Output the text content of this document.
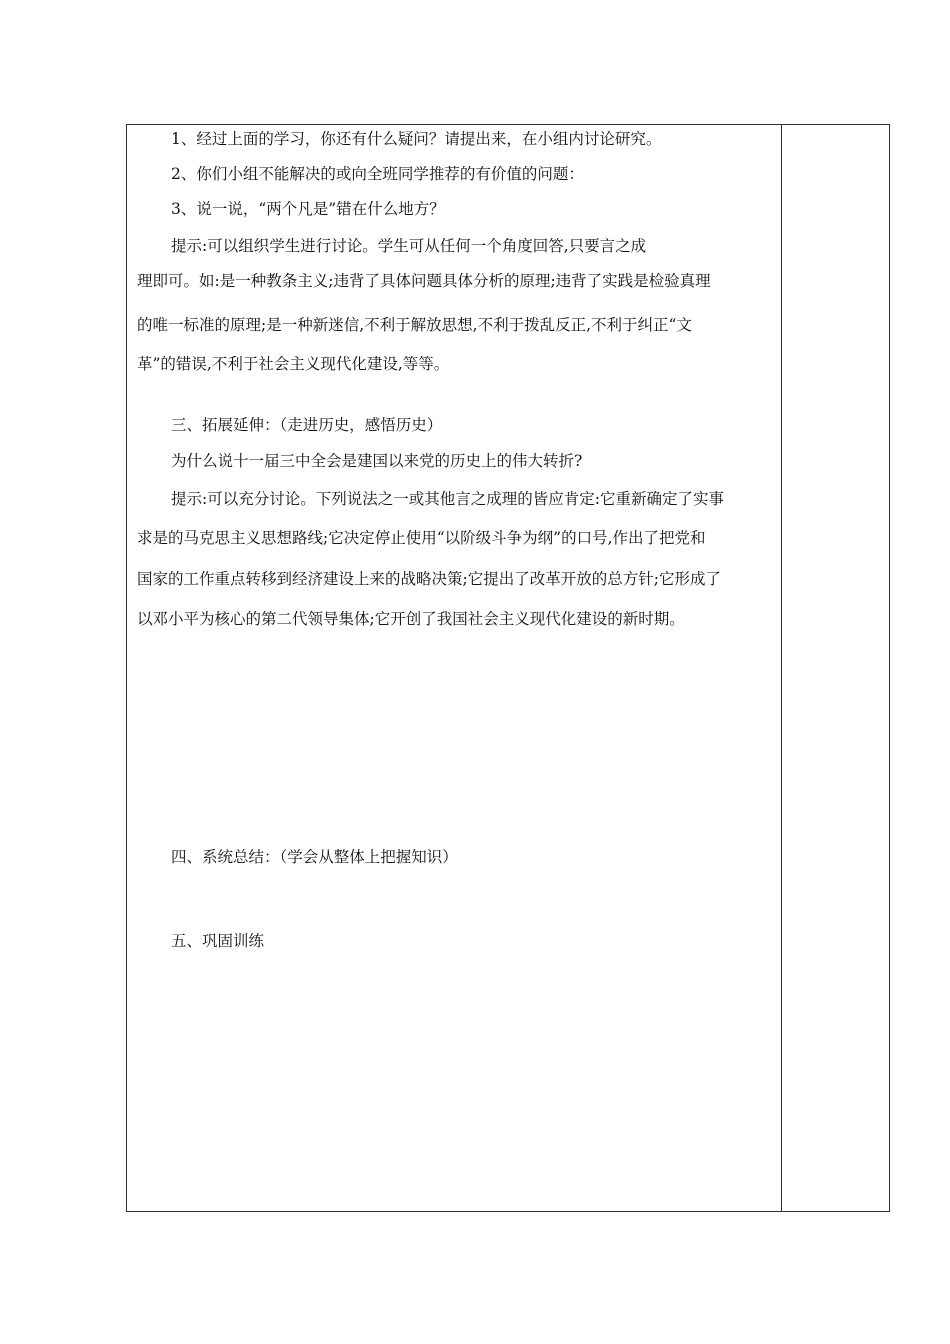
1、经过上面的学习，你还有什么疑问？请提出来，在小组内讨论研究。
2、你们小组不能解决的或向全班同学推荐的有价值的问题：
3、说一说，“两个凡是”错在什么地方？
提示:可以组织学生进行讨论。学生可从任何一个角度回答,只要言之成
理即可。如:是一种教条主义;违背了具体问题具体分析的原理;违背了实践是检验真理
的唯一标准的原理;是一种新迷信,不利于解放思想,不利于拨乱反正,不利于纠正“文
革”的错误,不利于社会主义现代化建设,等等。
三、拓展延伸：（走进历史，感悟历史）
为什么说十一届三中全会是建国以来党的历史上的伟大转折?
提示:可以充分讨论。下列说法之一或其他言之成理的皆应肯定:它重新确定了实事
求是的马克思主义思想路线;它决定停止使用“以阶级斗争为纲”的口号,作出了把党和
国家的工作重点转移到经济建设上来的战略决策;它提出了改革开放的总方针;它形成了
以邓小平为核心的第二代领导集体;它开创了我国社会主义现代化建设的新时期。
四、系统总结：（学会从整体上把握知识）
五、巩固训练
